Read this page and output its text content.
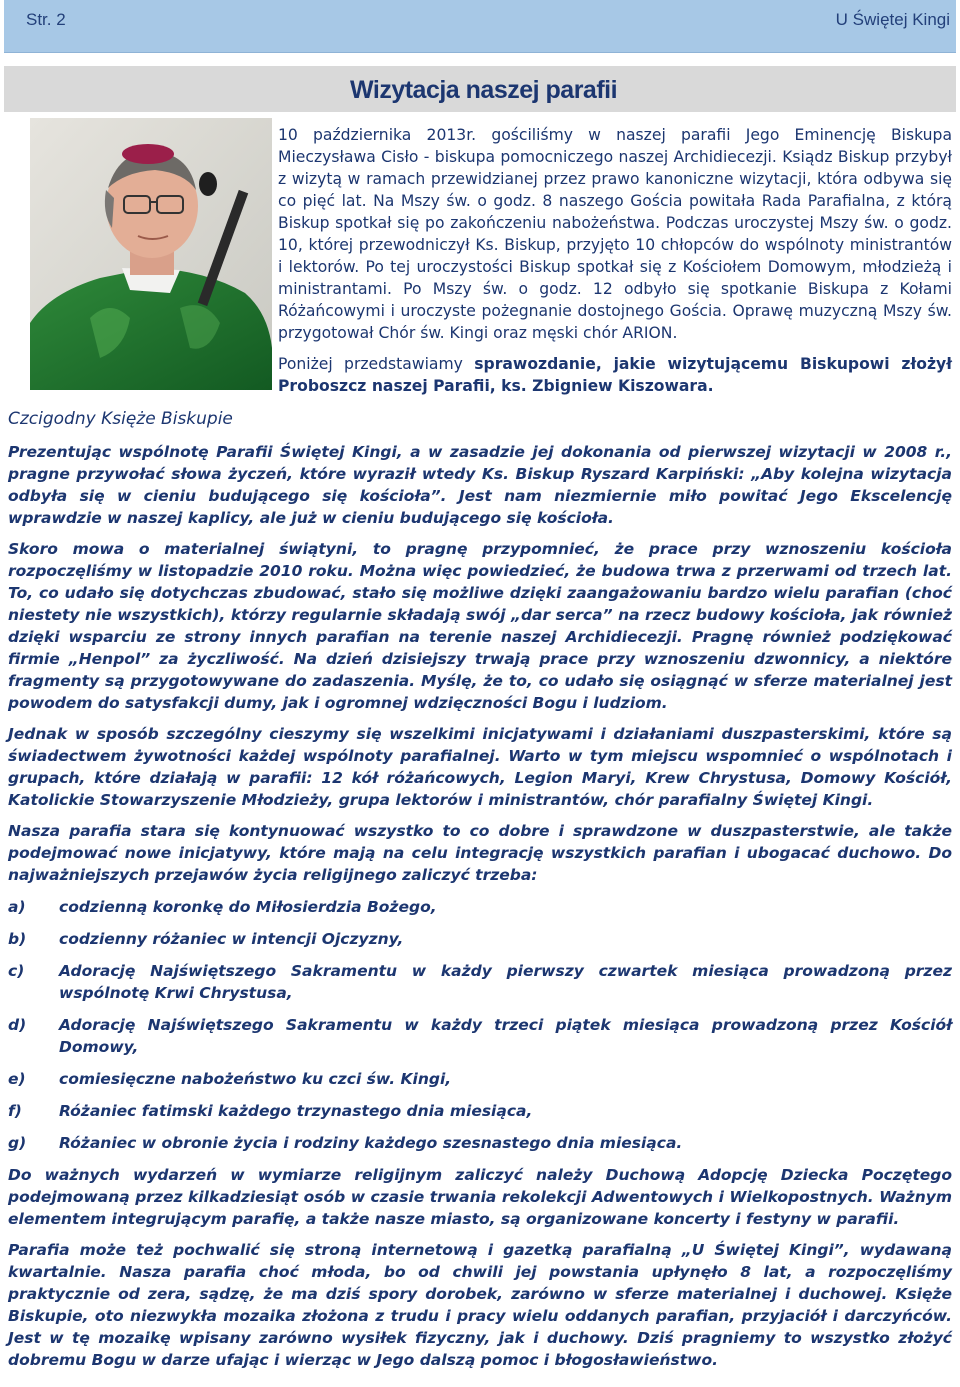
Str. 2	U Świętej Kingi
Wizytacja naszej parafii
Czcigodny Księże Biskupie

10 października 2013r. gościliśmy w naszej parafii Jego Eminencję Biskupa Mieczysława Cisło - biskupa pomocniczego naszej Archidiecezji. Ksiądz Biskup przybył z wizytą w ramach przewidzianej przez prawo kanoniczne wizytacji, która odbywa się co pięć lat. Na Mszy św. o godz. 8 naszego Gościa powitała Rada Parafialna, z którą Biskup spotkał się po zakończeniu nabożeństwa. Podczas uroczystej Mszy św. o godz. 10, której przewodniczył Ks. Biskup, przyjęto 10 chłopców do wspólnoty ministrantów i lektorów. Po tej uroczystości Biskup spotkał się z Kościołem Domowym, młodzieżą i ministrantami. Po Mszy św. o godz. 12 odbyło się spotkanie Biskupa z Kołami Różańcowymi i uroczyste pożegnanie dostojnego Gościa. Oprawę muzyczną Mszy św. przygotował Chór św. Kingi oraz męski chór ARION.

Poniżej przedstawiamy sprawozdanie, jakie wizytującemu Biskupowi złożył Proboszcz naszej Parafii, ks. Zbigniew Kiszowara.

Prezentując wspólnotę Parafii Świętej Kingi, a w zasadzie jej dokonania od pierwszej wizytacji w 2008 r., pragne przywołać słowa życzeń, które wyraził wtedy Ks. Biskup Ryszard Karpiński: „Aby kolejna wizytacja odbyła się w cieniu budującego się kościoła”. Jest nam niezmiernie miło powitać Jego Ekscelencję wprawdzie w naszej kaplicy, ale już w cieniu budującego się kościoła.

Skoro mowa o materialnej świątyni, to pragnę przypomnieć, że prace przy wznoszeniu kościoła rozpoczęliśmy w listopadzie 2010 roku. Można więc powiedzieć, że budowa trwa z przerwami od trzech lat. To, co udało się dotychczas zbudować, stało się możliwe dzięki zaangażowaniu bardzo wielu parafian (choć niestety nie wszystkich), którzy regularnie składają swój „dar serca” na rzecz budowy kościoła, jak również dzięki wsparciu ze strony innych parafian na terenie naszej Archidiecezji. Pragnę również podziękować firmie „Henpol” za życzliwość. Na dzień dzisiejszy trwają prace przy wznoszeniu dzwonnicy, a niektóre fragmenty są przygotowywane do zadaszenia. Myślę, że to, co udało się osiągnąć w sferze materialnej jest powodem do satysfakcji dumy, jak i ogromnej wdzięczności Bogu i ludziom.

Jednak w sposób szczególny cieszymy się wszelkimi inicjatywami i działaniami duszpasterskimi, które są świadectwem żywotności każdej wspólnoty parafialnej. Warto w tym miejscu wspomnieć o wspólnotach i grupach, które działają w parafii: 12 kół różańcowych, Legion Maryi, Krew Chrystusa, Domowy Kościół, Katolickie Stowarzyszenie Młodzieży, grupa lektorów i ministrantów, chór parafialny Świętej Kingi.

Nasza parafia stara się kontynuować wszystko to co dobre i sprawdzone w duszpasterstwie, ale także podejmować nowe inicjatywy, które mają na celu integrację wszystkich parafian i ubogacać duchowo. Do najważniejszych przejawów życia religijnego zaliczyć trzeba:

a)	codzienną koronkę do Miłosierdzia Bożego,
b)	codzienny różaniec w intencji Ojczyzny,
c)	Adorację Najświętszego Sakramentu w każdy pierwszy czwartek miesiąca prowadzoną przez wspólnotę Krwi Chrystusa,
d)	Adorację Najświętszego Sakramentu w każdy trzeci piątek miesiąca prowadzoną przez Kościół Domowy,
e)	comiesięczne nabożeństwo ku czci św. Kingi,
f)	Różaniec fatimski każdego trzynastego dnia miesiąca,
g)	Różaniec w obronie życia i rodziny każdego szesnastego dnia miesiąca.

Do ważnych wydarzeń w wymiarze religijnym zaliczyć należy Duchową Adopcję Dziecka Poczętego podejmowaną przez kilkadziesiąt osób w czasie trwania rekolekcji Adwentowych i Wielkopostnych. Ważnym elementem integrującym parafię, a także nasze miasto, są organizowane koncerty i festyny w parafii.

Parafia może też pochwalić się stroną internetową i gazetką parafialną „U Świętej Kingi”, wydawaną kwartalnie. Nasza parafia choć młoda, bo od chwili jej powstania upłynęło 8 lat, a rozpoczęliśmy praktycznie od zera, sądzę, że ma dziś spory dorobek, zarówno w sferze materialnej i duchowej. Księże Biskupie, oto niezwykła mozaika złożona z trudu i pracy wielu oddanych parafian, przyjaciół i darczyńców. Jest w tę mozaikę wpisany zarówno wysiłek fizyczny, jak i duchowy. Dziś pragniemy to wszystko złożyć dobremu Bogu w darze ufając i wierząc w Jego dalszą pomoc i błogosławieństwo.
